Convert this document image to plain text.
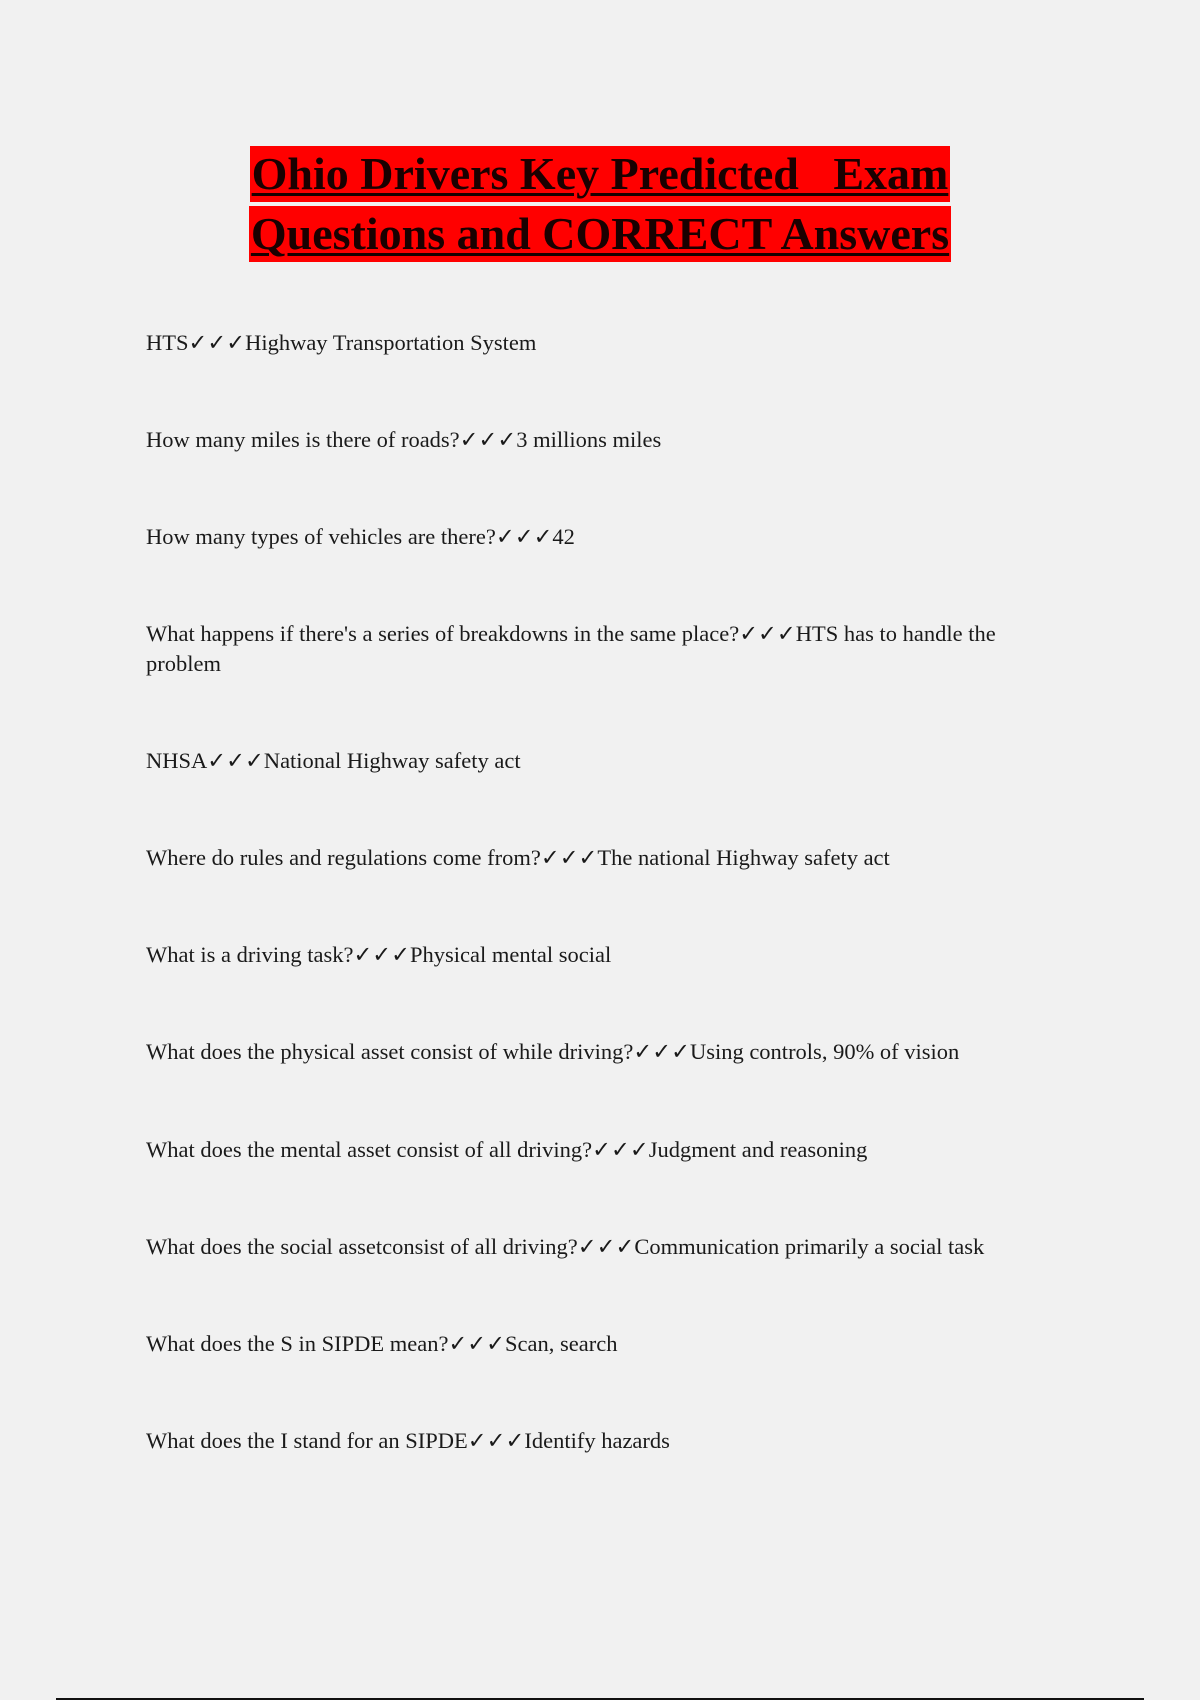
Ohio Drivers Key Predicted   Exam
Questions and CORRECT Answers
HTS✓✓✓Highway Transportation System
How many miles is there of roads?✓✓✓3 millions miles
How many types of vehicles are there?✓✓✓42
What happens if there's a series of breakdowns in the same place?✓✓✓HTS has to handle the problem
NHSA✓✓✓National Highway safety act
Where do rules and regulations come from?✓✓✓The national Highway safety act
What is a driving task?✓✓✓Physical mental social
What does the physical asset consist of while driving?✓✓✓Using controls, 90% of vision
What does the mental asset consist of all driving?✓✓✓Judgment and reasoning
What does the social assetconsist of all driving?✓✓✓Communication primarily a social task
What does the S in SIPDE mean?✓✓✓Scan, search
What does the I stand for an SIPDE✓✓✓Identify hazards
